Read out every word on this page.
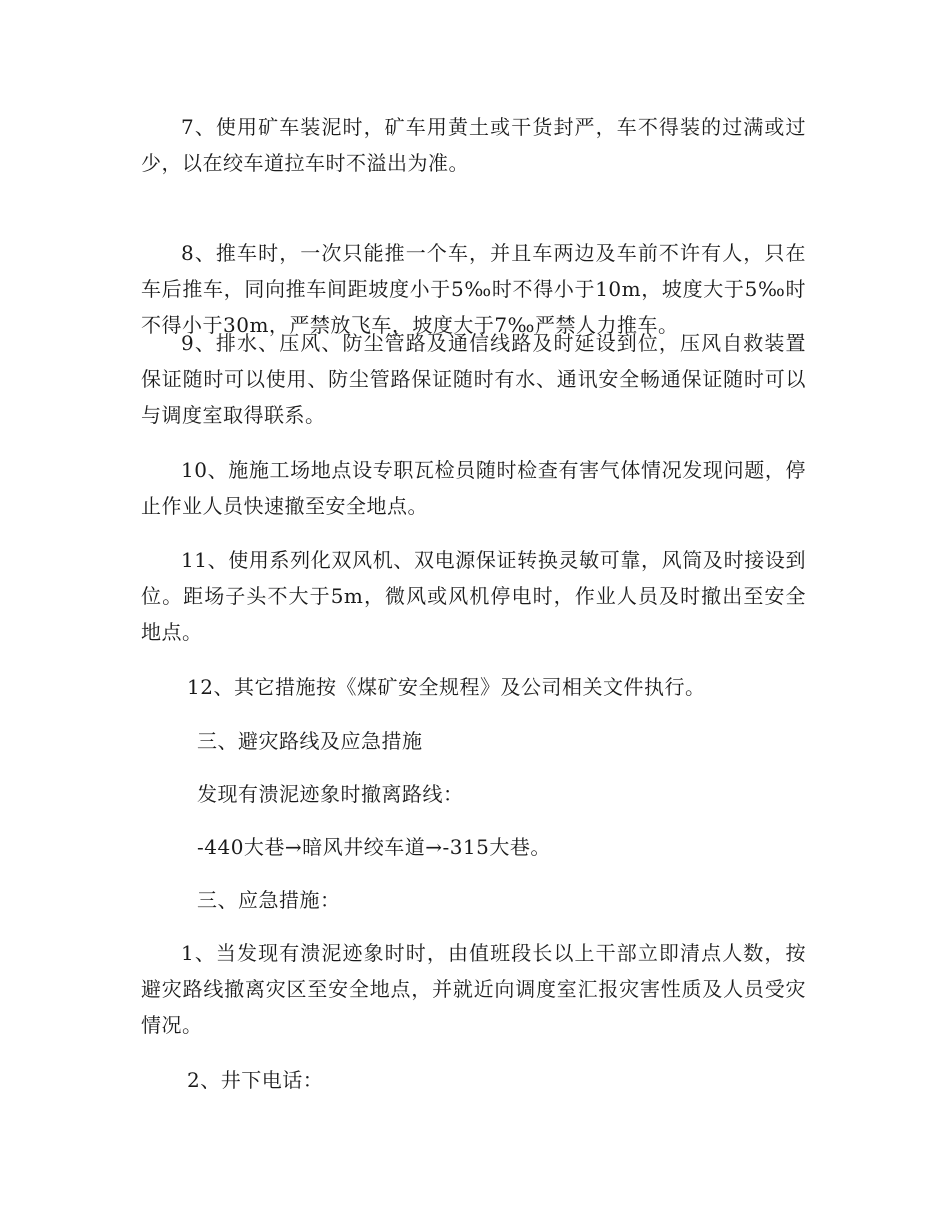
7、使用矿车装泥时，矿车用黄土或干货封严，车不得装的过满或过少，以在绞车道拉车时不溢出为准。

8、推车时，一次只能推一个车，并且车两边及车前不许有人，只在车后推车，同向推车间距坡度小于5‰时不得小于10m，坡度大于5‰时不得小于30m，严禁放飞车，坡度大于7‰严禁人力推车。

9、排水、压风、防尘管路及通信线路及时延设到位，压风自救装置保证随时可以使用、防尘管路保证随时有水、通讯安全畅通保证随时可以与调度室取得联系。

10、施施工场地点设专职瓦检员随时检查有害气体情况发现问题，停止作业人员快速撤至安全地点。

11、使用系列化双风机、双电源保证转换灵敏可靠，风筒及时接设到位。距场子头不大于5m，微风或风机停电时，作业人员及时撤出至安全地点。

12、其它措施按《煤矿安全规程》及公司相关文件执行。

三、避灾路线及应急措施

发现有溃泥迹象时撤离路线：

-440大巷→暗风井绞车道→-315大巷。

三、应急措施：

1、当发现有溃泥迹象时时，由值班段长以上干部立即清点人数，按避灾路线撤离灾区至安全地点，并就近向调度室汇报灾害性质及人员受灾情况。

2、井下电话：
